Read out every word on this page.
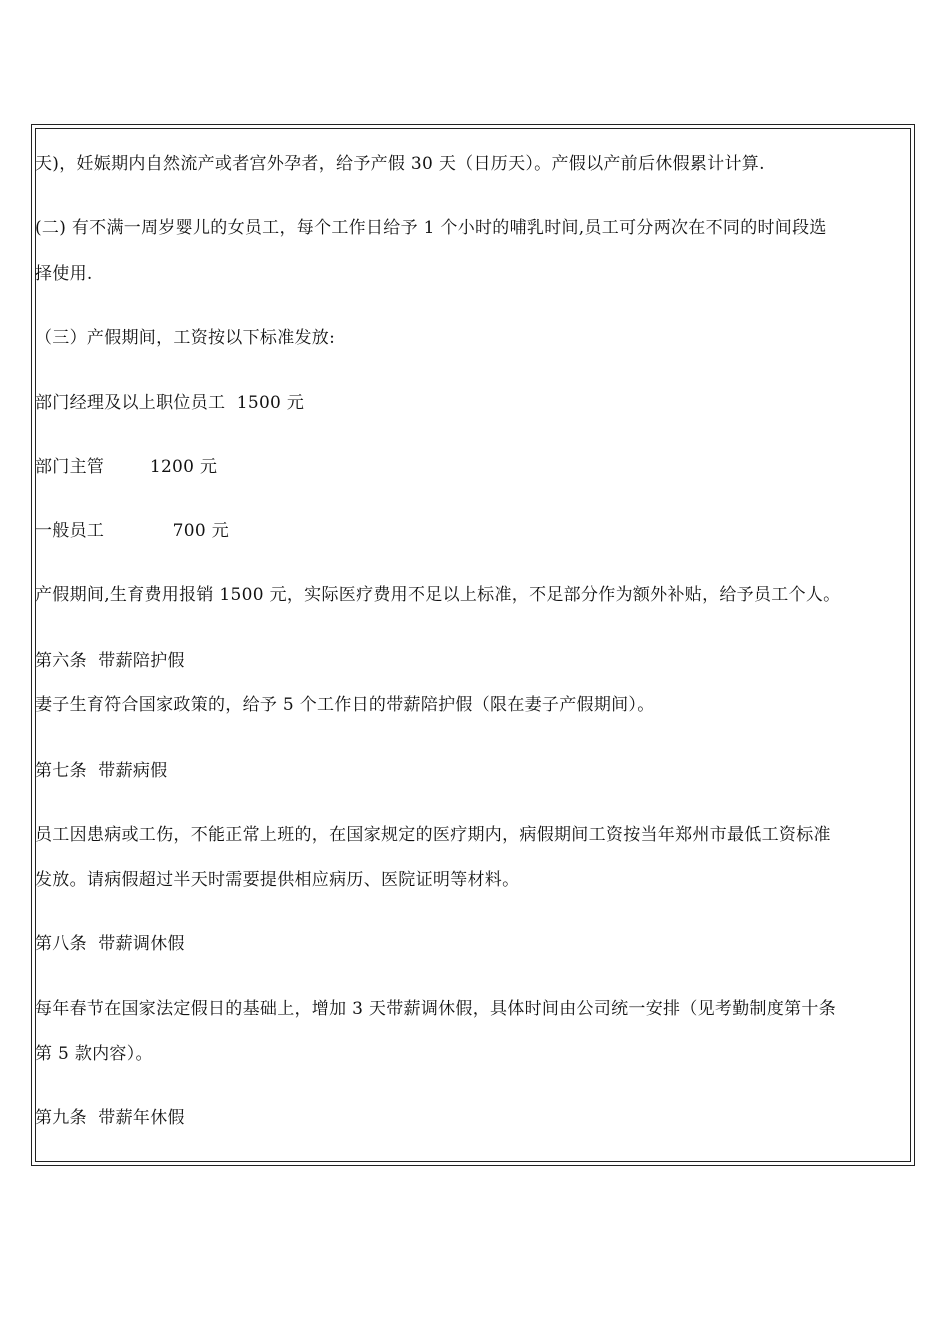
天)，妊娠期内自然流产或者宫外孕者，给予产假 30 天（日历天）。产假以产前后休假累计计算.
(二) 有不满一周岁婴儿的女员工，每个工作日给予 1 个小时的哺乳时间,员工可分两次在不同的时间段选
择使用.
（三）产假期间，工资按以下标准发放:
部门经理及以上职位员工  1500 元
部门主管        1200 元
一般员工            700 元
产假期间,生育费用报销 1500 元，实际医疗费用不足以上标准，不足部分作为额外补贴，给予员工个人。
第六条  带薪陪护假
妻子生育符合国家政策的，给予 5 个工作日的带薪陪护假（限在妻子产假期间）。
第七条  带薪病假
员工因患病或工伤，不能正常上班的，在国家规定的医疗期内，病假期间工资按当年郑州市最低工资标准
发放。请病假超过半天时需要提供相应病历、医院证明等材料。
第八条  带薪调休假
每年春节在国家法定假日的基础上，增加 3 天带薪调休假，具体时间由公司统一安排（见考勤制度第十条
第 5 款内容）。
第九条  带薪年休假
